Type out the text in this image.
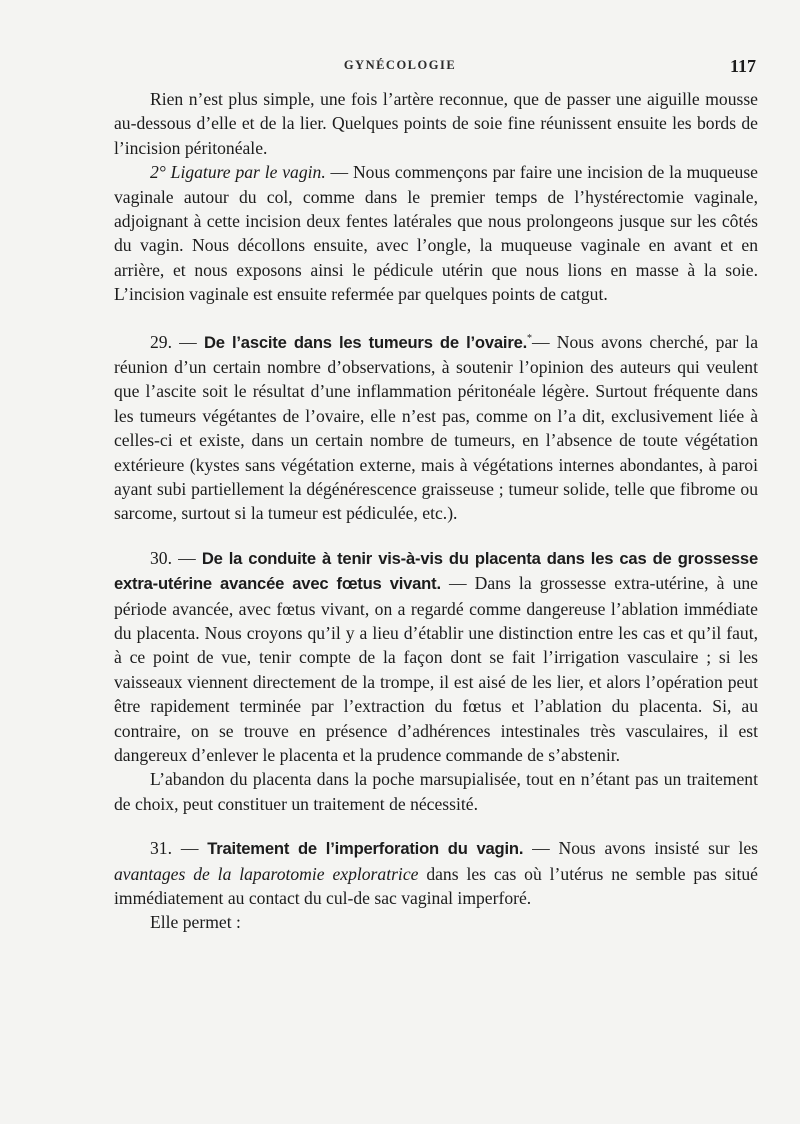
GYNÉCOLOGIE	117

Rien n’est plus simple, une fois l’artère reconnue, que de passer une aiguille mousse au-dessous d’elle et de la lier. Quelques points de soie fine réunissent ensuite les bords de l’incision péritonéale.

2° Ligature par le vagin. — Nous commençons par faire une incision de la muqueuse vaginale autour du col, comme dans le premier temps de l’hystérectomie vaginale, adjoignant à cette incision deux fentes latérales que nous prolongeons jusque sur les côtés du vagin. Nous décollons ensuite, avec l’ongle, la muqueuse vaginale en avant et en arrière, et nous exposons ainsi le pédicule utérin que nous lions en masse à la soie. L’incision vaginale est ensuite refermée par quelques points de catgut.

29. — De l’ascite dans les tumeurs de l’ovaire.*— Nous avons cherché, par la réunion d’un certain nombre d’observations, à soutenir l’opinion des auteurs qui veulent que l’ascite soit le résultat d’une inflammation péritonéale légère. Surtout fréquente dans les tumeurs végétantes de l’ovaire, elle n’est pas, comme on l’a dit, exclusivement liée à celles-ci et existe, dans un certain nombre de tumeurs, en l’absence de toute végétation extérieure (kystes sans végétation externe, mais à végétations internes abondantes, à paroi ayant subi partiellement la dégénérescence graisseuse ; tumeur solide, telle que fibrome ou sarcome, surtout si la tumeur est pédiculée, etc.).

30. — De la conduite à tenir vis-à-vis du placenta dans les cas de grossesse extra-utérine avancée avec fœtus vivant. — Dans la grossesse extra-utérine, à une période avancée, avec fœtus vivant, on a regardé comme dangereuse l’ablation immédiate du placenta. Nous croyons qu’il y a lieu d’établir une distinction entre les cas et qu’il faut, à ce point de vue, tenir compte de la façon dont se fait l’irrigation vasculaire ; si les vaisseaux viennent directement de la trompe, il est aisé de les lier, et alors l’opération peut être rapidement terminée par l’extraction du fœtus et l’ablation du placenta. Si, au contraire, on se trouve en présence d’adhérences intestinales très vasculaires, il est dangereux d’enlever le placenta et la prudence commande de s’abstenir.

L’abandon du placenta dans la poche marsupialisée, tout en n’étant pas un traitement de choix, peut constituer un traitement de nécessité.

31. — Traitement de l’imperforation du vagin. — Nous avons insisté sur les avantages de la laparotomie exploratrice dans les cas où l’utérus ne semble pas situé immédiatement au contact du cul-de sac vaginal imperforé.

Elle permet :
